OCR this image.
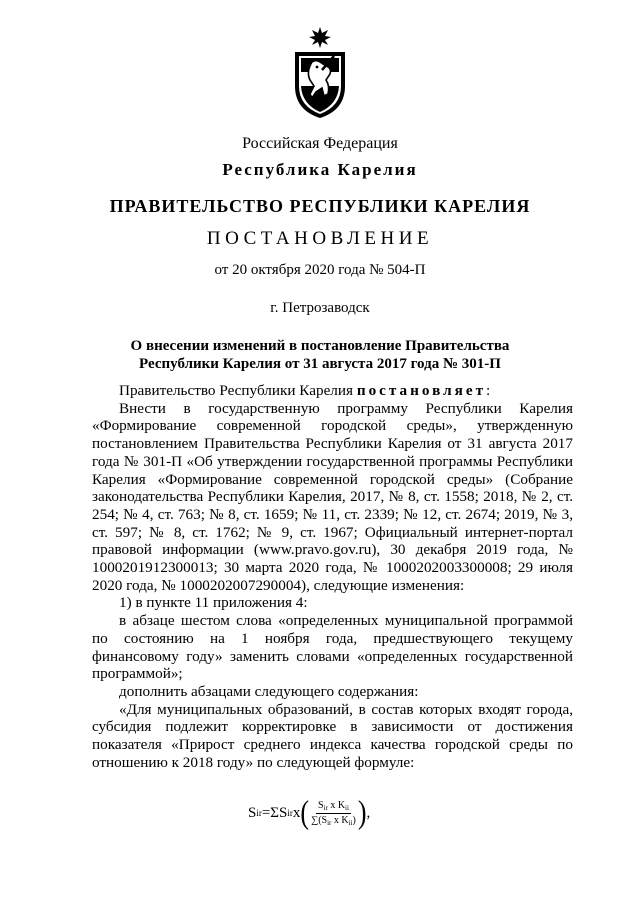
Российская Федерация
Республика Карелия
ПРАВИТЕЛЬСТВО РЕСПУБЛИКИ КАРЕЛИЯ
ПОСТАНОВЛЕНИЕ
от 20 октября 2020 года № 504-П
г. Петрозаводск
О внесении изменений в постановление Правительства
Республики Карелия от 31 августа 2017 года № 301-П

Правительство Республики Карелия постановляет:

Внести в государственную программу Республики Карелия «Формирование современной городской среды», утвержденную постановлением Правительства Республики Карелия от 31 августа 2017 года № 301-П «Об утверждении государственной программы Республики Карелия «Формирование современной городской среды» (Собрание законодательства Республики Карелия, 2017, № 8, ст. 1558; 2018, № 2, ст. 254; № 4, ст. 763; № 8, ст. 1659; № 11, ст. 2339; № 12, ст. 2674; 2019, № 3, ст. 597; № 8, ст. 1762; № 9, ст. 1967; Официальный интернет-портал правовой информации (www.pravo.gov.ru), 30 декабря 2019 года, № 1000201912300013; 30 марта 2020 года, № 1000202003300008; 29 июля 2020 года, № 1000202007290004), следующие изменения:

1) в пункте 11 приложения 4:

в абзаце шестом слова «определенных муниципальной программой по состоянию на 1 ноября года, предшествующего текущему финансовому году» заменить словами «определенных государственной программой»;

дополнить абзацами следующего содержания:

«Для муниципальных образований, в состав которых входят города, субсидия подлежит корректировке в зависимости от достижения показателя «Прирост среднего индекса качества городской среды по отношению к 2018 году» по следующей формуле:

S ir =ΣS ir x ( $\frac{S_{ir} x K_{ii}}{\sum(S_{ir} x K_{ii})}$ ) ,
